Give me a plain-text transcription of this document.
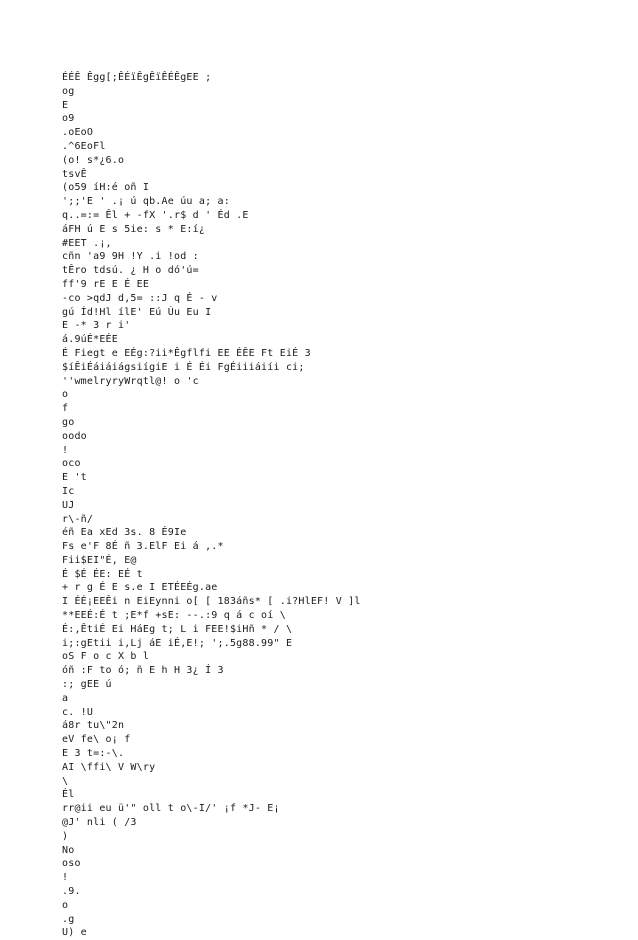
ÉÉÊ Êgg[;ÊÉïÊgÊïÊÉÊgEE ;
og
E
o9
.oEoO
.^6EoFl
(o! s*¿6.o
tsvÊ
(o59 íH:é oñ I
';;'E ' .¡ ú qb.Ae úu a; a:
q..=:= Êl + -fX '.r$ d ' Éd .E
áFH ú E s 5ie: s * E:í¿
#EET .¡,
cñn 'a9 9H !Y .i !od :
tÊro tdsú. ¿ H o dó'ú=
ff'9 rE E É EE
-co >qdJ d,5= ::J q É - v
gú Íd!Hl ílE' Eú Úu Eu I
E -* 3 r i'
á.9úÉ*EÉE
É Fiegt e EÉg:?ii*Êgflfi EE ÉÊE Ft EiÉ 3
$íÊiÉáiáiágsiígiE i É Éi FgÉiiiáiíi ci;
''wmelryryWrqtl@! o 'c
o
f
go
oodo
!
oco
E 't
Ic
UJ
r\-ñ/
éñ Ea xEd 3s. 8 É9Ie
Fs e'F 8É ñ 3.ElF Ei á ,.*
Fii$EI"É, E@
É $É ÉE: EÉ t
+ r g É E s.e I ETÉEÉg.ae
I ÉÉ¡EEÊi n EiEynni o[ [ 183áñs* [ .i?HlEF! V ]l
**EEÉ:É t ;E*f +sE: --.:9 q á c oí \
É:,ÊtiÉ Ei HáEg t; L i FEE!$iHñ * / \
i;:gEtii i,Lj áE iÉ,E!; ';.5g88.99" E
oS F o c X b l
óñ :F to ó; ñ E h H 3¿ Í 3
:; gEE ú
a
c. !U
á8r tu\"2n
eV fe\ o¡ f
E 3 t=:-\.
AI \ffi\ V W\ry
\
Él
rr@ii eu ü'" oll t o\-I/' ¡f *J- E¡
@J' nli ( /3
)
No
oso
!
.9.
o
.g
U) e
